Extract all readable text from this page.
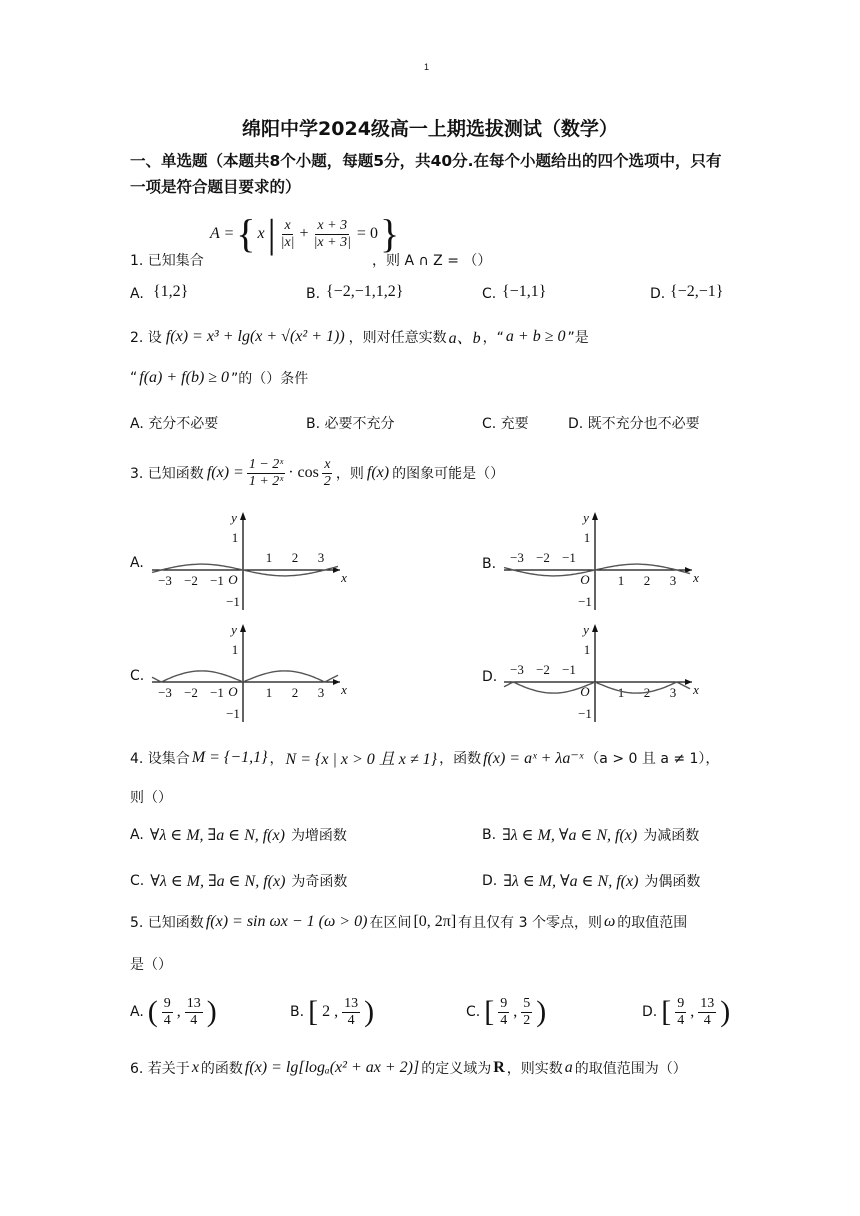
1
绵阳中学2024级高一上期选拔测试（数学）
一、单选题（本题共8个小题，每题5分，共40分.在每个小题给出的四个选项中，只有一项是符合题目要求的）
1. 已知集合
A = { x | $\frac{x}{|x|} + \frac{x + 3}{|x + 3|} = 0$ }
，则 A ∩ Z = （）
A. {1,2}	B. {−2,−1,1,2}	C. {−1,1}	D. {−2,−1}
2. 设 f(x) = x³ + lg(x + √(x² + 1)) ，则对任意实数 a、b ，“ a + b ≥ 0 ”是
“ f(a) + f(b) ≥ 0 ”的（）条件
A. 充分不必要	B. 必要不充分	C. 充要	D. 既不充分也不必要
3. 已知函数 $f(x) = \frac{\text{1 − 2ˣ}}{\text{1 + 2ˣ}} \cdot \cos \frac{x}{2}$ ，则 f(x) 的图象可能是（）
A.	B.
C.	D.
y
x
O
1
−1
1 2 3
−3 −2 −1
y
x
O
1
−1
1 2 3
−3 −2 −1
y
x
O
1
−1
1 2 3
−3 −2 −1
y
x
O
1
−1
1 2 3
−3 −2 −1
4. 设集合 M = {−1,1} ， N = {x | x > 0 且 x ≠ 1} ，函数 f(x) = aˣ + λa⁻ˣ （a > 0 且 a ≠ 1），
则（）
A. ∀λ ∈ M, ∃a ∈ N, f(x) 为增函数	B. ∃λ ∈ M, ∀a ∈ N, f(x) 为减函数
C. ∀λ ∈ M, ∃a ∈ N, f(x) 为奇函数	D. ∃λ ∈ M, ∀a ∈ N, f(x) 为偶函数
5. 已知函数 f(x) = sin ωx − 1 (ω > 0) 在区间 [0, 2π] 有且仅有 3 个零点，则 ω 的取值范围
是（）
A. ( $\frac{9}{4}$ , $\frac{13}{4}$ )	B. [ 2 , $\frac{13}{4}$ )	C. [ $\frac{9}{4}$ , $\frac{5}{2}$ )	D. [ $\frac{9}{4}$ , $\frac{13}{4}$ )
6. 若关于 x 的函数 f(x) = lg[logₐ(x² + ax + 2)] 的定义域为 R ，则实数 a 的取值范围为（）
